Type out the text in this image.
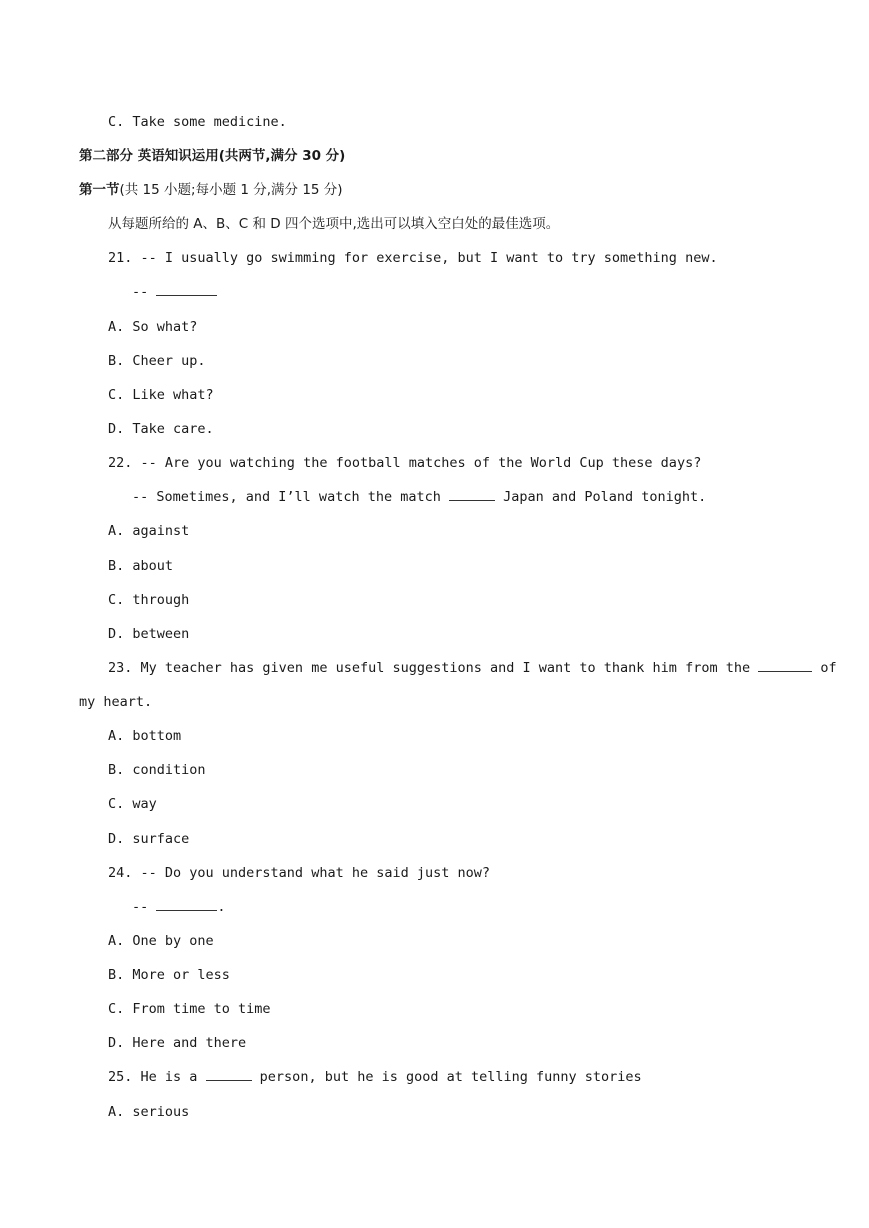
C. Take some medicine.
第二部分 英语知识运用(共两节,满分 30 分)
第一节(共 15 小题;每小题 1 分,满分 15 分)
从每题所给的 A、B、C 和 D 四个选项中,选出可以填入空白处的最佳选项。
21. -- I usually go swimming for exercise, but I want to try something new.
--
A. So what?
B. Cheer up.
C. Like what?
D. Take care.
22. -- Are you watching the football matches of the World Cup these days?
-- Sometimes, and I’ll watch the match	Japan and Poland tonight.
A. against
B. about
C. through
D. between
23. My teacher has given me useful suggestions and I want to thank him from the	of
my heart.
A. bottom
B. condition
C. way
D. surface
24. -- Do you understand what he said just now?
--	.
A. One by one
B. More or less
C. From time to time
D. Here and there
25. He is a	person, but he is good at telling funny stories
A. serious
